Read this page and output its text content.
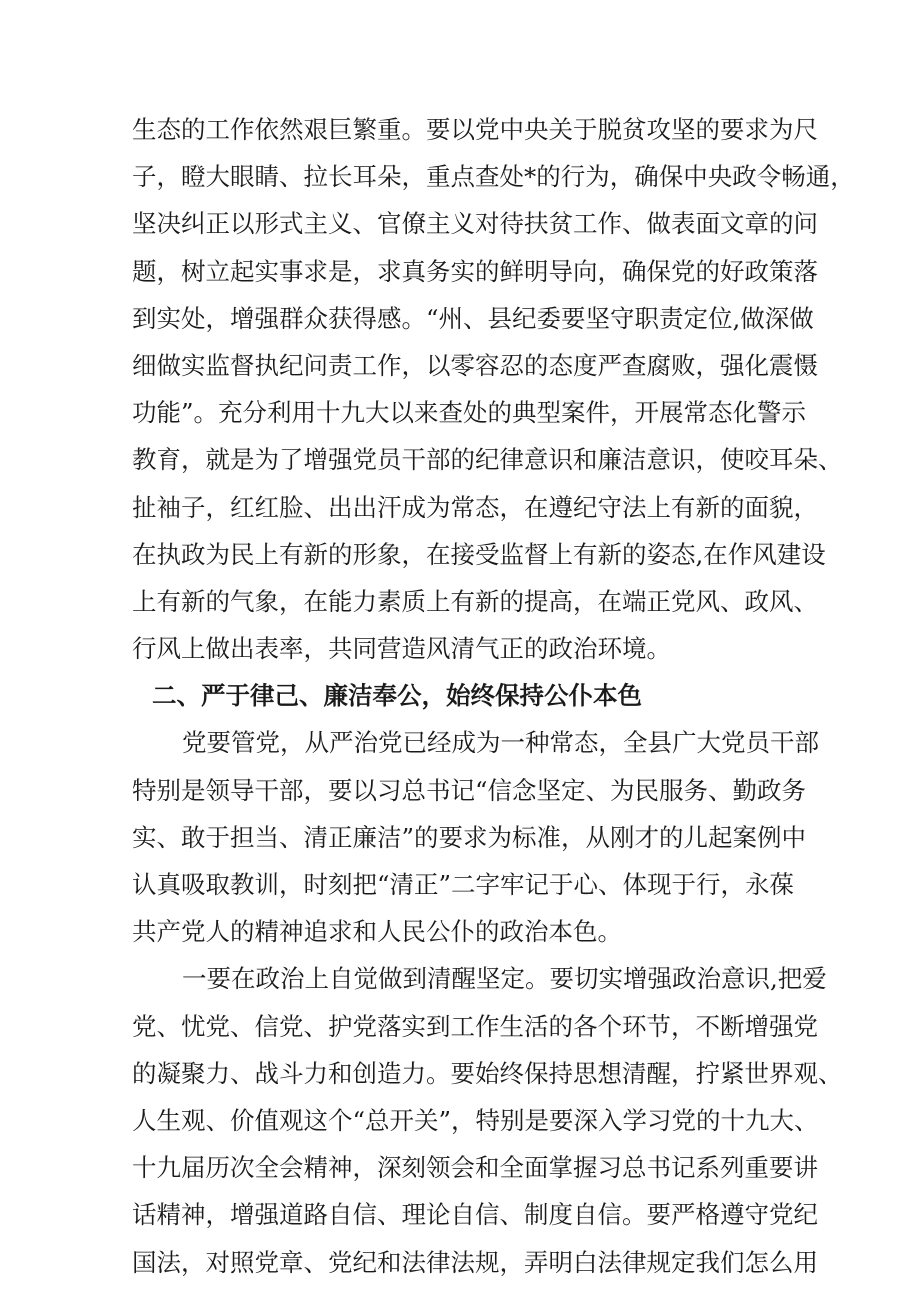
生态的工作依然艰巨繁重。要以党中央关于脱贫攻坚的要求为尺
子，瞪大眼睛、拉长耳朵，重点查处*的行为，确保中央政令畅通，
坚决纠正以形式主义、官僚主义对待扶贫工作、做表面文章的问
题，树立起实事求是，求真务实的鲜明导向，确保党的好政策落
到实处，增强群众获得感。“州、县纪委要坚守职责定位,做深做
细做实监督执纪问责工作，以零容忍的态度严查腐败，强化震慑
功能”。充分利用十九大以来查处的典型案件，开展常态化警示
教育，就是为了增强党员干部的纪律意识和廉洁意识，使咬耳朵、
扯袖子，红红脸、出出汗成为常态，在遵纪守法上有新的面貌，
在执政为民上有新的形象，在接受监督上有新的姿态,在作风建设
上有新的气象，在能力素质上有新的提高，在端正党风、政风、
行风上做出表率，共同营造风清气正的政治环境。
二、严于律己、廉洁奉公，始终保持公仆本色
党要管党，从严治党已经成为一种常态，全县广大党员干部
特别是领导干部，要以习总书记“信念坚定、为民服务、勤政务
实、敢于担当、清正廉洁”的要求为标准，从刚才的儿起案例中
认真吸取教训，时刻把“清正”二字牢记于心、体现于行，永葆
共产党人的精神追求和人民公仆的政治本色。
一要在政治上自觉做到清醒坚定。要切实增强政治意识,把爱
党、忧党、信党、护党落实到工作生活的各个环节，不断增强党
的凝聚力、战斗力和创造力。要始终保持思想清醒，拧紧世界观、
人生观、价值观这个“总开关”，特别是要深入学习党的十九大、
十九届历次全会精神，深刻领会和全面掌握习总书记系列重要讲
话精神，增强道路自信、理论自信、制度自信。要严格遵守党纪
国法，对照党章、党纪和法律法规，弄明白法律规定我们怎么用
